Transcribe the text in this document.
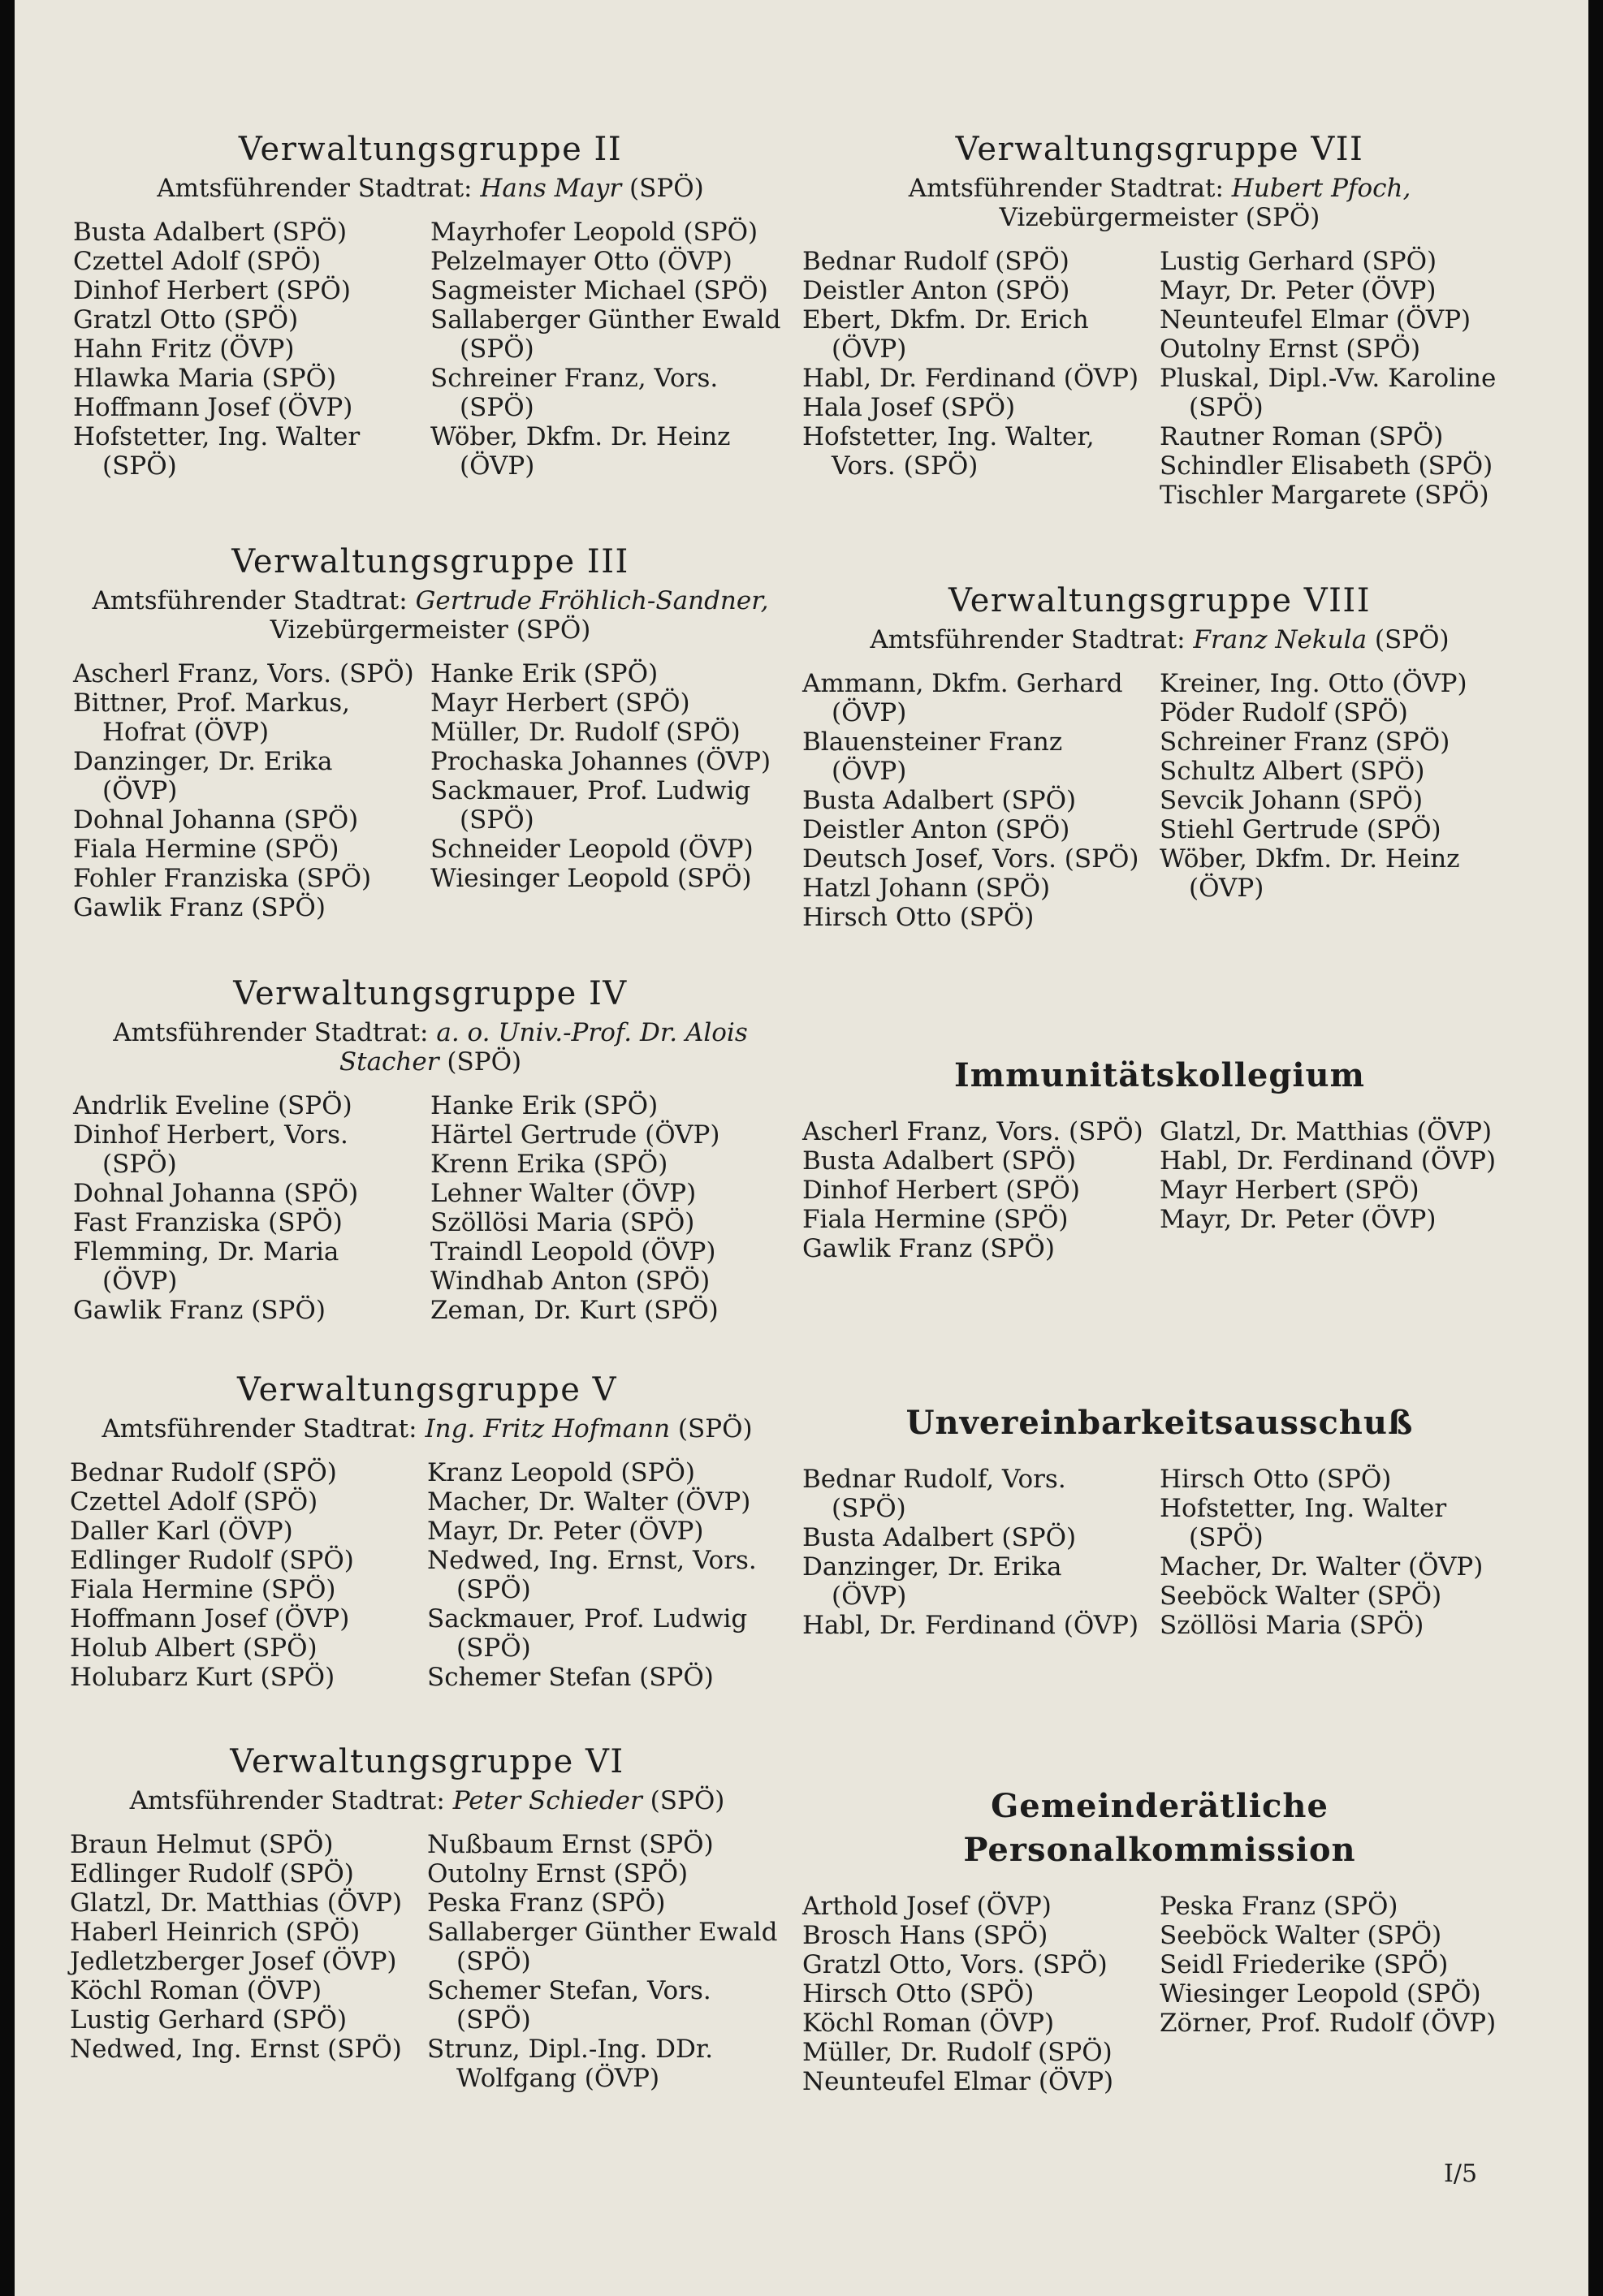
Verwaltungsgruppe II
Amtsführender Stadtrat: Hans Mayr (SPÖ)
Busta Adalbert (SPÖ)
Czettel Adolf (SPÖ)
Dinhof Herbert (SPÖ)
Gratzl Otto (SPÖ)
Hahn Fritz (ÖVP)
Hlawka Maria (SPÖ)
Hoffmann Josef (ÖVP)
Hofstetter, Ing. Walter (SPÖ)
Mayrhofer Leopold (SPÖ)
Pelzelmayer Otto (ÖVP)
Sagmeister Michael (SPÖ)
Sallaberger Günther Ewald (SPÖ)
Schreiner Franz, Vors. (SPÖ)
Wöber, Dkfm. Dr. Heinz (ÖVP)
Verwaltungsgruppe III
Amtsführender Stadtrat: Gertrude Fröhlich-Sandner, Vizebürgermeister (SPÖ)
Ascherl Franz, Vors. (SPÖ)
Bittner, Prof. Markus, Hofrat (ÖVP)
Danzinger, Dr. Erika (ÖVP)
Dohnal Johanna (SPÖ)
Fiala Hermine (SPÖ)
Fohler Franziska (SPÖ)
Gawlik Franz (SPÖ)
Hanke Erik (SPÖ)
Mayr Herbert (SPÖ)
Müller, Dr. Rudolf (SPÖ)
Prochaska Johannes (ÖVP)
Sackmauer, Prof. Ludwig (SPÖ)
Schneider Leopold (ÖVP)
Wiesinger Leopold (SPÖ)
Verwaltungsgruppe IV
Amtsführender Stadtrat: a. o. Univ.-Prof. Dr. Alois Stacher (SPÖ)
Andrlik Eveline (SPÖ)
Dinhof Herbert, Vors. (SPÖ)
Dohnal Johanna (SPÖ)
Fast Franziska (SPÖ)
Flemming, Dr. Maria (ÖVP)
Gawlik Franz (SPÖ)
Hanke Erik (SPÖ)
Härtel Gertrude (ÖVP)
Krenn Erika (SPÖ)
Lehner Walter (ÖVP)
Szöllösi Maria (SPÖ)
Traindl Leopold (ÖVP)
Windhab Anton (SPÖ)
Zeman, Dr. Kurt (SPÖ)
Verwaltungsgruppe V
Amtsführender Stadtrat: Ing. Fritz Hofmann (SPÖ)
Bednar Rudolf (SPÖ)
Czettel Adolf (SPÖ)
Daller Karl (ÖVP)
Edlinger Rudolf (SPÖ)
Fiala Hermine (SPÖ)
Hoffmann Josef (ÖVP)
Holub Albert (SPÖ)
Holubarz Kurt (SPÖ)
Kranz Leopold (SPÖ)
Macher, Dr. Walter (ÖVP)
Mayr, Dr. Peter (ÖVP)
Nedwed, Ing. Ernst, Vors. (SPÖ)
Sackmauer, Prof. Ludwig (SPÖ)
Schemer Stefan (SPÖ)
Verwaltungsgruppe VI
Amtsführender Stadtrat: Peter Schieder (SPÖ)
Braun Helmut (SPÖ)
Edlinger Rudolf (SPÖ)
Glatzl, Dr. Matthias (ÖVP)
Haberl Heinrich (SPÖ)
Jedletzberger Josef (ÖVP)
Köchl Roman (ÖVP)
Lustig Gerhard (SPÖ)
Nedwed, Ing. Ernst (SPÖ)
Nußbaum Ernst (SPÖ)
Outolny Ernst (SPÖ)
Peska Franz (SPÖ)
Sallaberger Günther Ewald (SPÖ)
Schemer Stefan, Vors. (SPÖ)
Strunz, Dipl.-Ing. DDr. Wolfgang (ÖVP)
Verwaltungsgruppe VII
Amtsführender Stadtrat: Hubert Pfoch, Vizebürgermeister (SPÖ)
Bednar Rudolf (SPÖ)
Deistler Anton (SPÖ)
Ebert, Dkfm. Dr. Erich (ÖVP)
Habl, Dr. Ferdinand (ÖVP)
Hala Josef (SPÖ)
Hofstetter, Ing. Walter, Vors. (SPÖ)
Lustig Gerhard (SPÖ)
Mayr, Dr. Peter (ÖVP)
Neunteufel Elmar (ÖVP)
Outolny Ernst (SPÖ)
Pluskal, Dipl.-Vw. Karoline (SPÖ)
Rautner Roman (SPÖ)
Schindler Elisabeth (SPÖ)
Tischler Margarete (SPÖ)
Verwaltungsgruppe VIII
Amtsführender Stadtrat: Franz Nekula (SPÖ)
Ammann, Dkfm. Gerhard (ÖVP)
Blauensteiner Franz (ÖVP)
Busta Adalbert (SPÖ)
Deistler Anton (SPÖ)
Deutsch Josef, Vors. (SPÖ)
Hatzl Johann (SPÖ)
Hirsch Otto (SPÖ)
Kreiner, Ing. Otto (ÖVP)
Pöder Rudolf (SPÖ)
Schreiner Franz (SPÖ)
Schultz Albert (SPÖ)
Sevcik Johann (SPÖ)
Stiehl Gertrude (SPÖ)
Wöber, Dkfm. Dr. Heinz (ÖVP)
Immunitätskollegium
Ascherl Franz, Vors. (SPÖ)
Busta Adalbert (SPÖ)
Dinhof Herbert (SPÖ)
Fiala Hermine (SPÖ)
Gawlik Franz (SPÖ)
Glatzl, Dr. Matthias (ÖVP)
Habl, Dr. Ferdinand (ÖVP)
Mayr Herbert (SPÖ)
Mayr, Dr. Peter (ÖVP)
Unvereinbarkeitsausschuß
Bednar Rudolf, Vors. (SPÖ)
Busta Adalbert (SPÖ)
Danzinger, Dr. Erika (ÖVP)
Habl, Dr. Ferdinand (ÖVP)
Hirsch Otto (SPÖ)
Hofstetter, Ing. Walter (SPÖ)
Macher, Dr. Walter (ÖVP)
Seeböck Walter (SPÖ)
Szöllösi Maria (SPÖ)
Gemeinderätliche Personalkommission
Arthold Josef (ÖVP)
Brosch Hans (SPÖ)
Gratzl Otto, Vors. (SPÖ)
Hirsch Otto (SPÖ)
Köchl Roman (ÖVP)
Müller, Dr. Rudolf (SPÖ)
Neunteufel Elmar (ÖVP)
Peska Franz (SPÖ)
Seeböck Walter (SPÖ)
Seidl Friederike (SPÖ)
Wiesinger Leopold (SPÖ)
Zörner, Prof. Rudolf (ÖVP)
I/5
